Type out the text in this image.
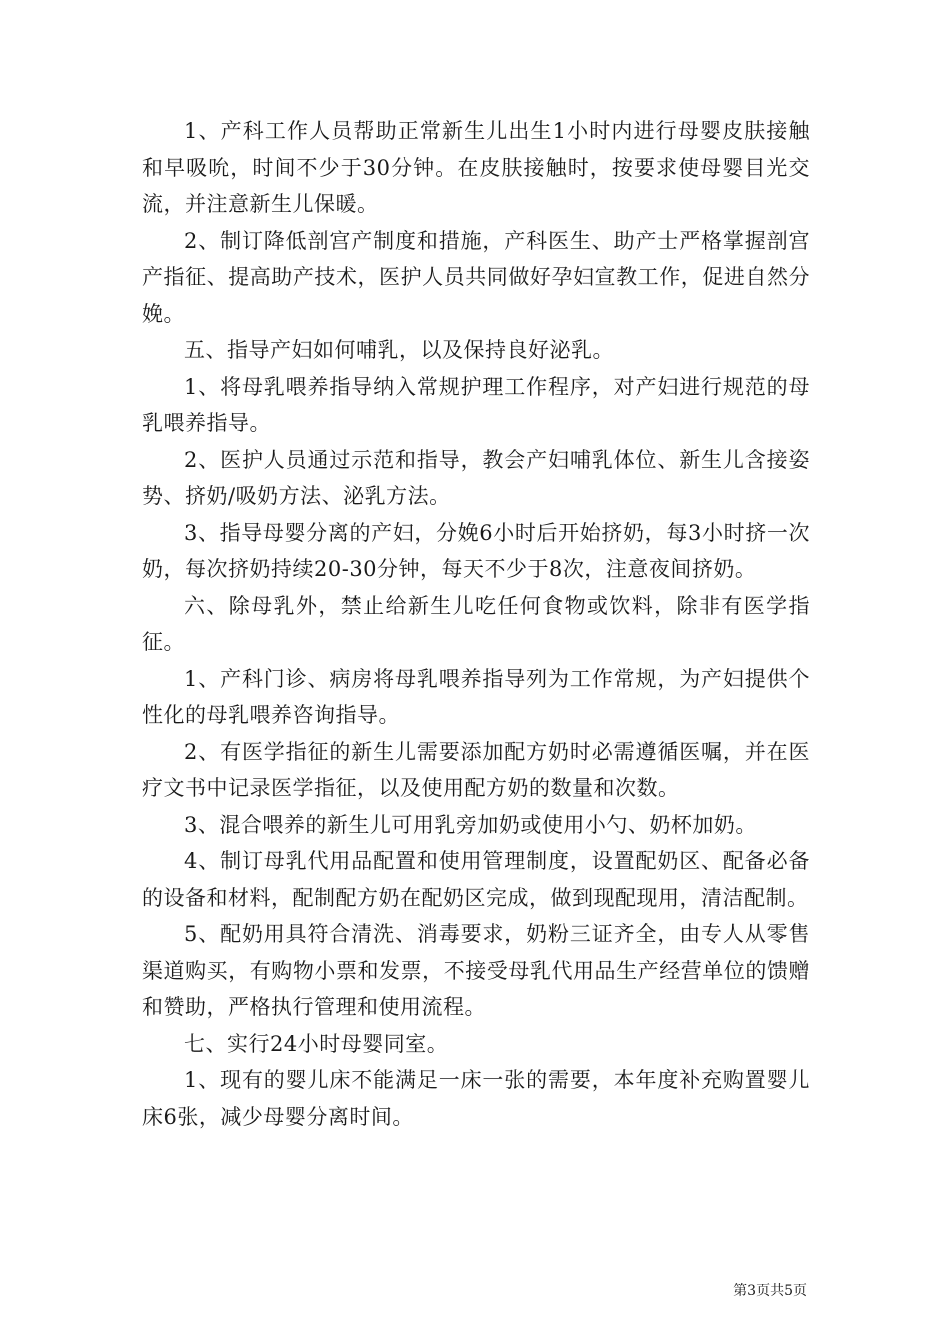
1、产科工作人员帮助正常新生儿出生1小时内进行母婴皮肤接触和早吸吮，时间不少于30分钟。在皮肤接触时，按要求使母婴目光交流，并注意新生儿保暖。

2、制订降低剖宫产制度和措施，产科医生、助产士严格掌握剖宫产指征、提高助产技术，医护人员共同做好孕妇宣教工作，促进自然分娩。

五、指导产妇如何哺乳，以及保持良好泌乳。

1、将母乳喂养指导纳入常规护理工作程序，对产妇进行规范的母乳喂养指导。

2、医护人员通过示范和指导，教会产妇哺乳体位、新生儿含接姿势、挤奶/吸奶方法、泌乳方法。

3、指导母婴分离的产妇，分娩6小时后开始挤奶，每3小时挤一次奶，每次挤奶持续20-30分钟，每天不少于8次，注意夜间挤奶。

六、除母乳外，禁止给新生儿吃任何食物或饮料，除非有医学指征。

1、产科门诊、病房将母乳喂养指导列为工作常规，为产妇提供个性化的母乳喂养咨询指导。

2、有医学指征的新生儿需要添加配方奶时必需遵循医嘱，并在医疗文书中记录医学指征，以及使用配方奶的数量和次数。

3、混合喂养的新生儿可用乳旁加奶或使用小勺、奶杯加奶。

4、制订母乳代用品配置和使用管理制度，设置配奶区、配备必备的设备和材料，配制配方奶在配奶区完成，做到现配现用，清洁配制。

5、配奶用具符合清洗、消毒要求，奶粉三证齐全，由专人从零售渠道购买，有购物小票和发票，不接受母乳代用品生产经营单位的馈赠和赞助，严格执行管理和使用流程。

七、实行24小时母婴同室。

1、现有的婴儿床不能满足一床一张的需要，本年度补充购置婴儿床6张，减少母婴分离时间。

第3页共5页
